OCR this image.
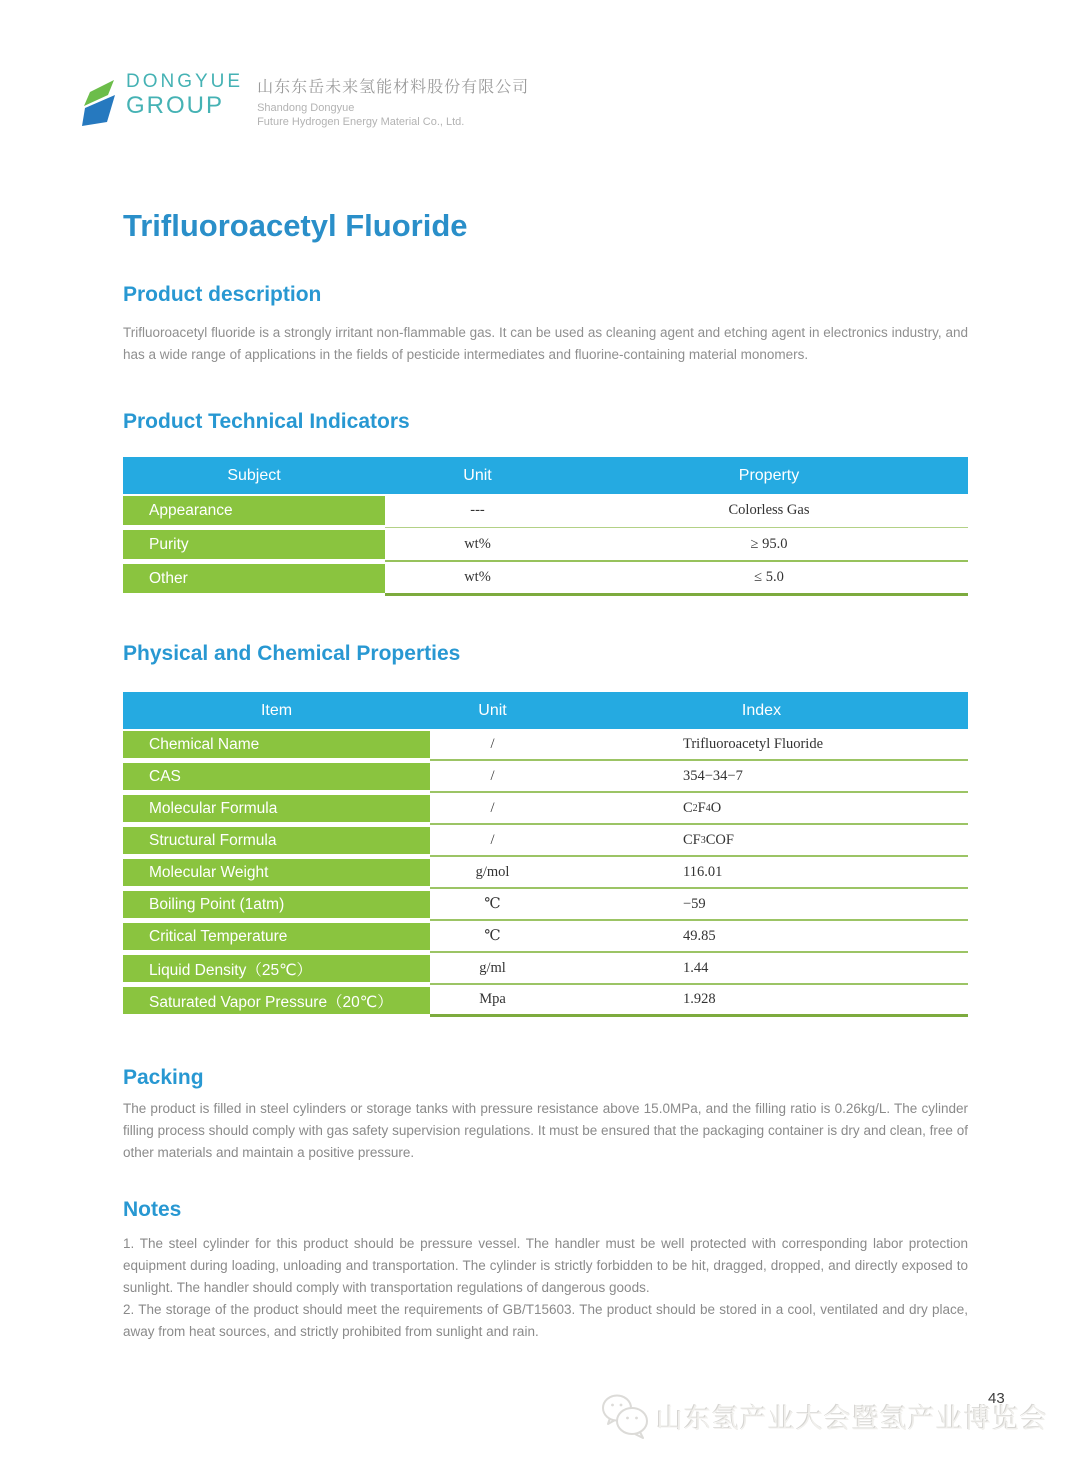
DONGYUE
GROUP
山东东岳未来氢能材料股份有限公司
Shandong Dongyue
Future Hydrogen Energy Material Co., Ltd.
Trifluoroacetyl Fluoride
Product description

Trifluoroacetyl fluoride is a strongly irritant non-flammable gas. It can be used as cleaning agent and etching agent in electronics industry, and has a wide range of applications in the fields of pesticide intermediates and fluorine-containing material monomers.

Product Technical Indicators
Subject	Unit	Property
Appearance	---	Colorless Gas
Purity	wt%	≥ 95.0
Other	wt%	≤ 5.0
Physical and Chemical Properties
Item	Unit	Index
Chemical Name	/	Trifluoroacetyl Fluoride
CAS	/	354−34−7
Molecular Formula	/	C 2 F 4 O
Structural Formula	/	CF 3 COF
Molecular Weight	g/mol	116.01
Boiling Point (1atm)	℃	−59
Critical Temperature	℃	49.85
Liquid Density（25℃）	g/ml	1.44
Saturated Vapor Pressure（20℃）	Mpa	1.928
Packing

The product is filled in steel cylinders or storage tanks with pressure resistance above 15.0MPa, and the filling ratio is 0.26kg/L. The cylinder filling process should comply with gas safety supervision regulations. It must be ensured that the packaging container is dry and clean, free of other materials and maintain a positive pressure.

Notes

1. The steel cylinder for this product should be pressure vessel. The handler must be well protected with corresponding labor protection equipment during loading, unloading and transportation. The cylinder is strictly forbidden to be hit, dragged, dropped, and directly exposed to sunlight. The handler should comply with transportation regulations of dangerous goods.

2. The storage of the product should meet the requirements of GB/T15603. The product should be stored in a cool, ventilated and dry place, away from heat sources, and strictly prohibited from sunlight and rain.

山东氢产业大会暨氢产业博览会
43
